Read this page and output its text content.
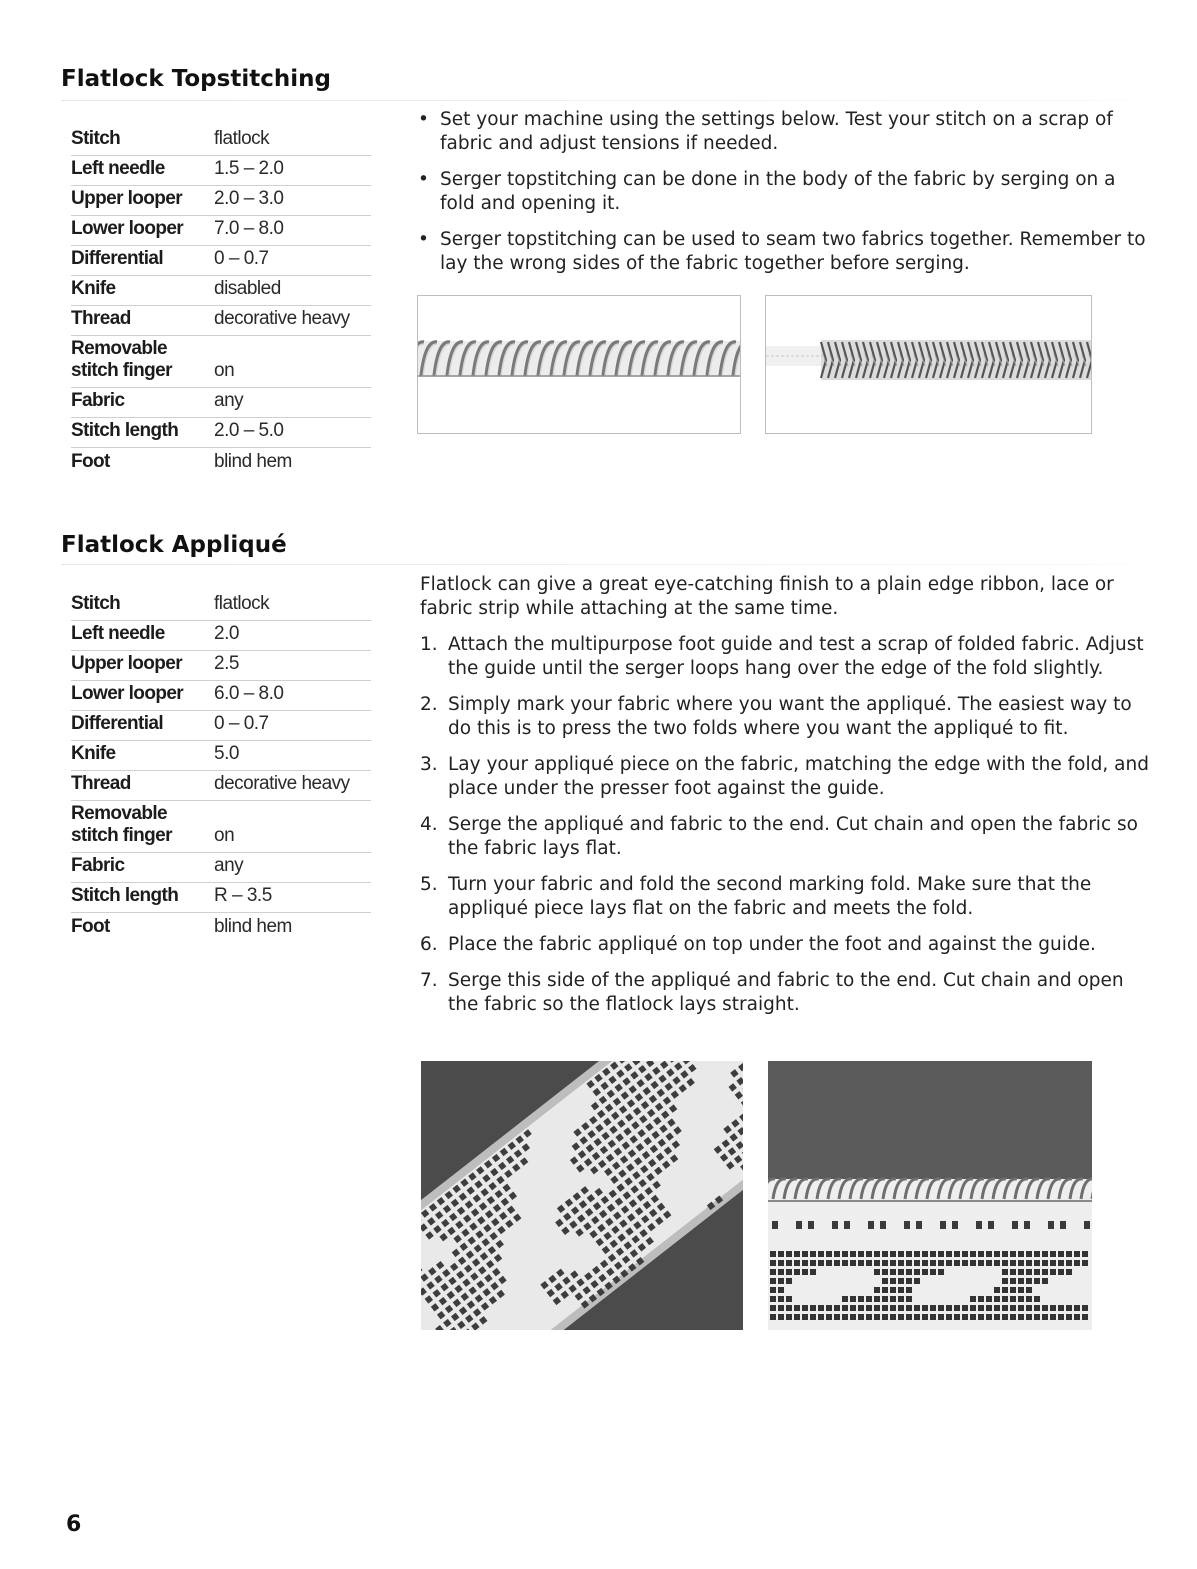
Flatlock Topstitching
Stitch	flatlock
Left needle	1.5 – 2.0
Upper looper	2.0 – 3.0
Lower looper	7.0 – 8.0
Differential	0 – 0.7
Knife	disabled
Thread	decorative heavy
Removable
stitch finger	on
Fabric	any
Stitch length	2.0 – 5.0
Foot	blind hem
• Set your machine using the settings below. Test your stitch on a scrap of fabric and adjust tensions if needed.
• Serger topstitching can be done in the body of the fabric by serging on a fold and opening it.
• Serger topstitching can be used to seam two fabrics together. Remember to lay the wrong sides of the fabric together before serging.
Flatlock Appliqué
Stitch	flatlock
Left needle	2.0
Upper looper	2.5
Lower looper	6.0 – 8.0
Differential	0 – 0.7
Knife	5.0
Thread	decorative heavy
Removable
stitch finger	on
Fabric	any
Stitch length	R – 3.5
Foot	blind hem

Flatlock can give a great eye-catching finish to a plain edge ribbon, lace or fabric strip while attaching at the same time.

1. Attach the multipurpose foot guide and test a scrap of folded fabric. Adjust the guide until the serger loops hang over the edge of the fold slightly.
2. Simply mark your fabric where you want the appliqué. The easiest way to do this is to press the two folds where you want the appliqué to fit.
3. Lay your appliqué piece on the fabric, matching the edge with the fold, and place under the presser foot against the guide.
4. Serge the appliqué and fabric to the end. Cut chain and open the fabric so the fabric lays flat.
5. Turn your fabric and fold the second marking fold. Make sure that the appliqué piece lays flat on the fabric and meets the fold.
6. Place the fabric appliqué on top under the foot and against the guide.
7. Serge this side of the appliqué and fabric to the end. Cut chain and open the fabric so the flatlock lays straight.
6
